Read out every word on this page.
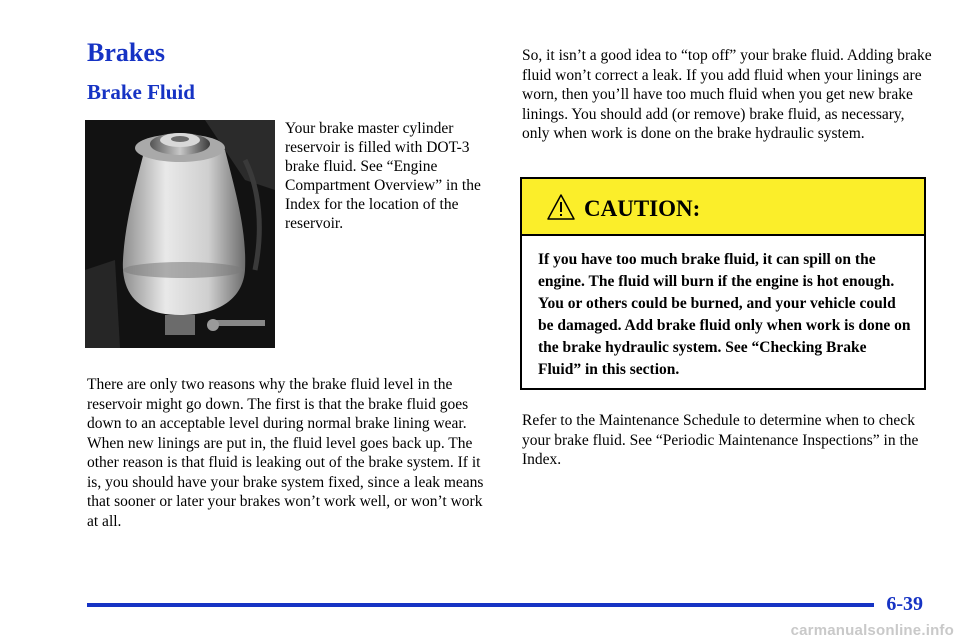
Brakes
Brake Fluid
Your brake master cylinder reservoir is filled with DOT-3 brake fluid. See “Engine Compartment Overview” in the Index for the location of the reservoir.
There are only two reasons why the brake fluid level in the reservoir might go down. The first is that the brake fluid goes down to an acceptable level during normal brake lining wear. When new linings are put in, the fluid level goes back up. The other reason is that fluid is leaking out of the brake system. If it is, you should have your brake system fixed, since a leak means that sooner or later your brakes won’t work well, or won’t work at all.
So, it isn’t a good idea to “top off” your brake fluid. Adding brake fluid won’t correct a leak. If you add fluid when your linings are worn, then you’ll have too much fluid when you get new brake linings. You should add (or remove) brake fluid, as necessary, only when work is done on the brake hydraulic system.
CAUTION:
If you have too much brake fluid, it can spill on the engine. The fluid will burn if the engine is hot enough. You or others could be burned, and your vehicle could be damaged. Add brake fluid only when work is done on the brake hydraulic system. See “Checking Brake Fluid” in this section.
Refer to the Maintenance Schedule to determine when to check your brake fluid. See “Periodic Maintenance Inspections” in the Index.
6-39
carmanualsonline.info
